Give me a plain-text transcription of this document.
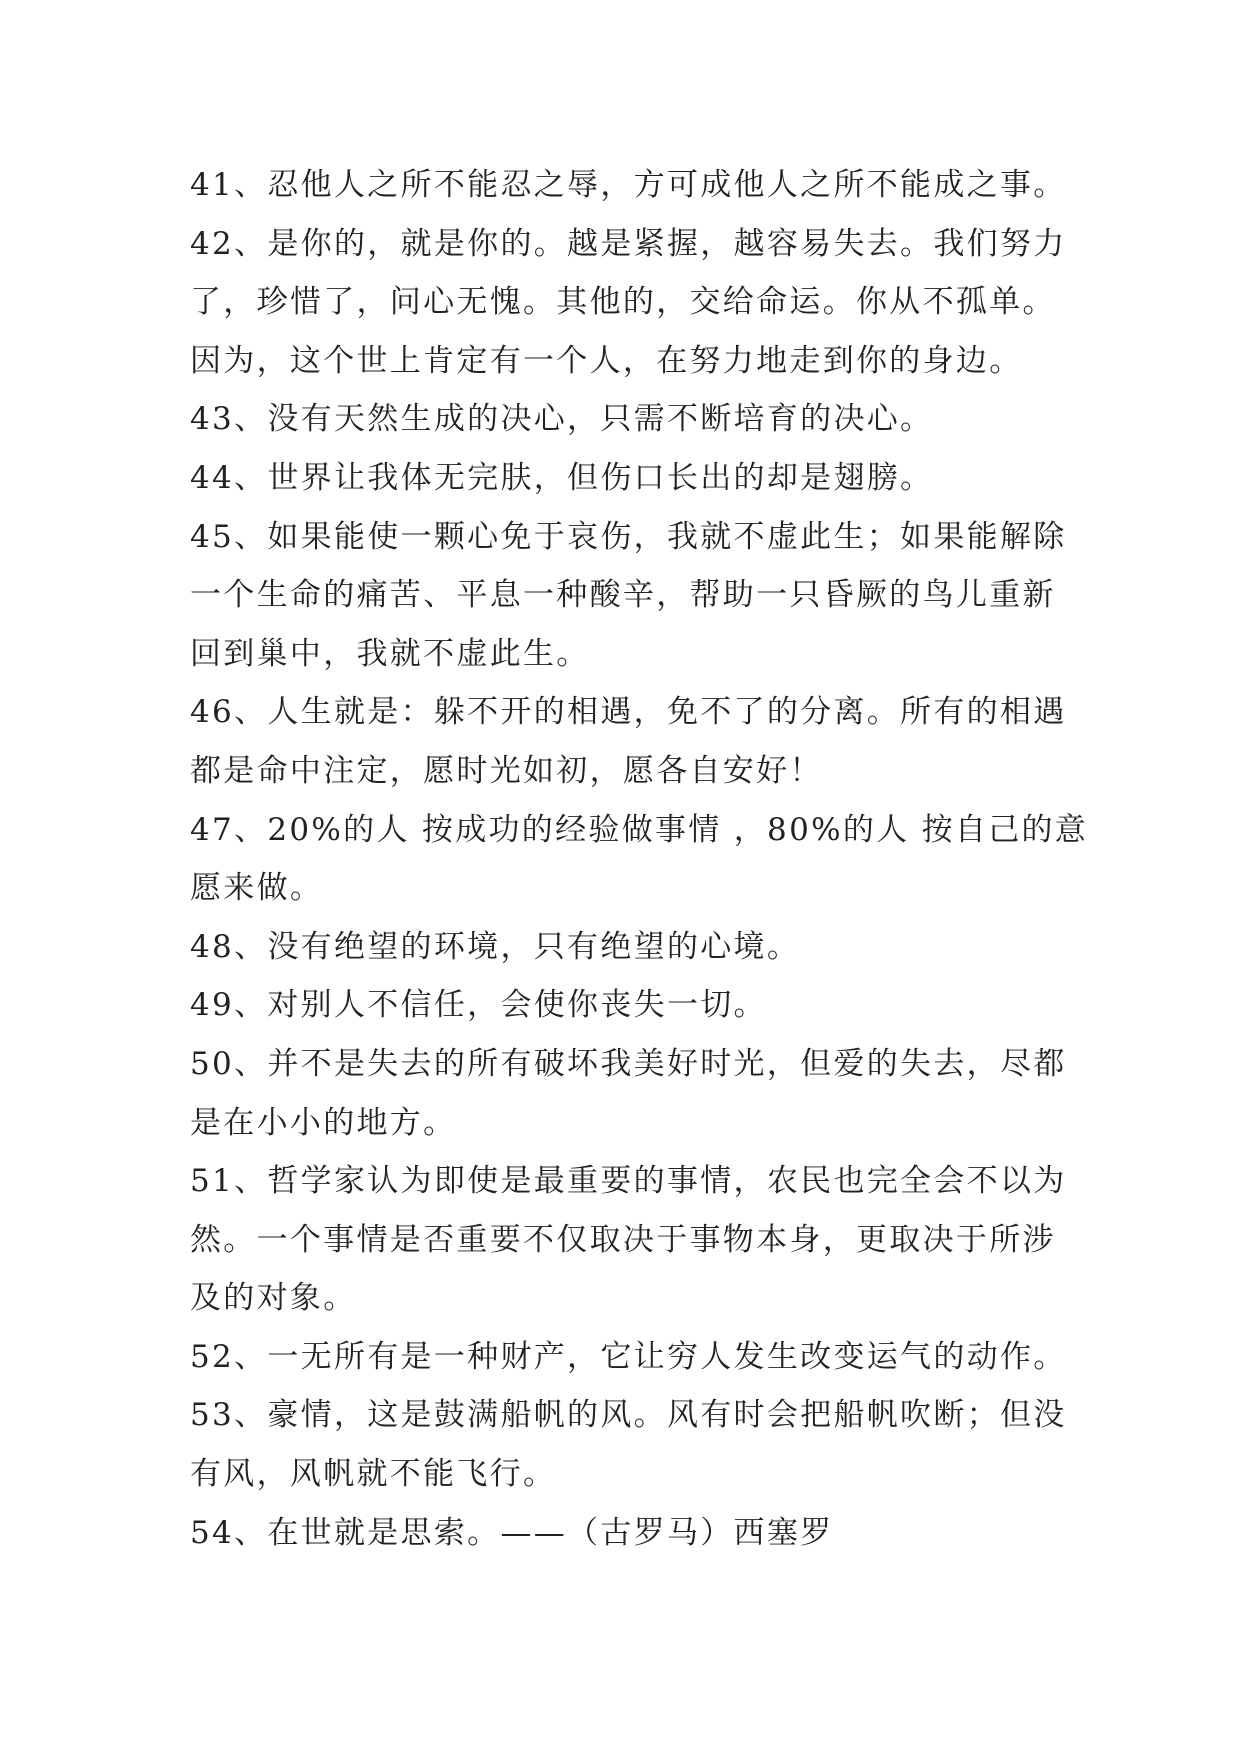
41、忍他人之所不能忍之辱，方可成他人之所不能成之事。
42、是你的，就是你的。越是紧握，越容易失去。我们努力
了，珍惜了，问心无愧。其他的，交给命运。你从不孤单。
因为，这个世上肯定有一个人，在努力地走到你的身边。
43、没有天然生成的决心，只需不断培育的决心。
44、世界让我体无完肤，但伤口长出的却是翅膀。
45、如果能使一颗心免于哀伤，我就不虚此生；如果能解除
一个生命的痛苦、平息一种酸辛，帮助一只昏厥的鸟儿重新
回到巢中，我就不虚此生。
46、人生就是：躲不开的相遇，免不了的分离。所有的相遇
都是命中注定，愿时光如初，愿各自安好！
47、20%的人 按成功的经验做事情 ，80%的人 按自己的意
愿来做。
48、没有绝望的环境，只有绝望的心境。
49、对别人不信任，会使你丧失一切。
50、并不是失去的所有破坏我美好时光，但爱的失去，尽都
是在小小的地方。
51、哲学家认为即使是最重要的事情，农民也完全会不以为
然。一个事情是否重要不仅取决于事物本身，更取决于所涉
及的对象。
52、一无所有是一种财产，它让穷人发生改变运气的动作。
53、豪情，这是鼓满船帆的风。风有时会把船帆吹断；但没
有风，风帆就不能飞行。
54、在世就是思索。——（古罗马）西塞罗
